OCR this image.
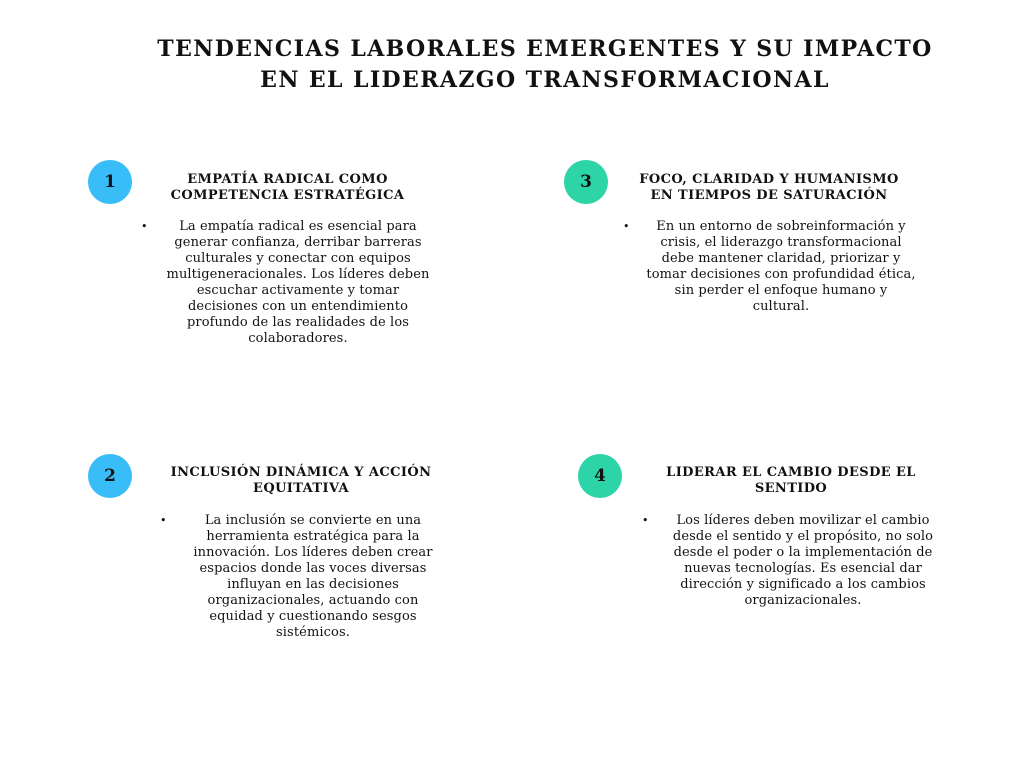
TENDENCIAS LABORALES EMERGENTES Y SU IMPACTO EN EL LIDERAZGO TRANSFORMACIONAL
1	EMPATÍA RADICAL COMO COMPETENCIA ESTRATÉGICA
• La empatía radical es esencial para generar confianza, derribar barreras culturales y conectar con equipos multigeneracionales. Los líderes deben escuchar activamente y tomar decisiones con un entendimiento profundo de las realidades de los colaboradores.
2	INCLUSIÓN DINÁMICA Y ACCIÓN EQUITATIVA
•	La inclusión se convierte en una herramienta estratégica para la innovación. Los líderes deben crear espacios donde las voces diversas influyan en las decisiones organizacionales, actuando con equidad y cuestionando sesgos sistémicos.
3	FOCO, CLARIDAD Y HUMANISMO EN TIEMPOS DE SATURACIÓN
• En un entorno de sobreinformación y crisis, el liderazgo transformacional debe mantener claridad, priorizar y tomar decisiones con profundidad ética, sin perder el enfoque humano y cultural.
4	LIDERAR EL CAMBIO DESDE EL SENTIDO
• Los líderes deben movilizar el cambio desde el sentido y el propósito, no solo desde el poder o la implementación de nuevas tecnologías. Es esencial dar dirección y significado a los cambios organizacionales.
